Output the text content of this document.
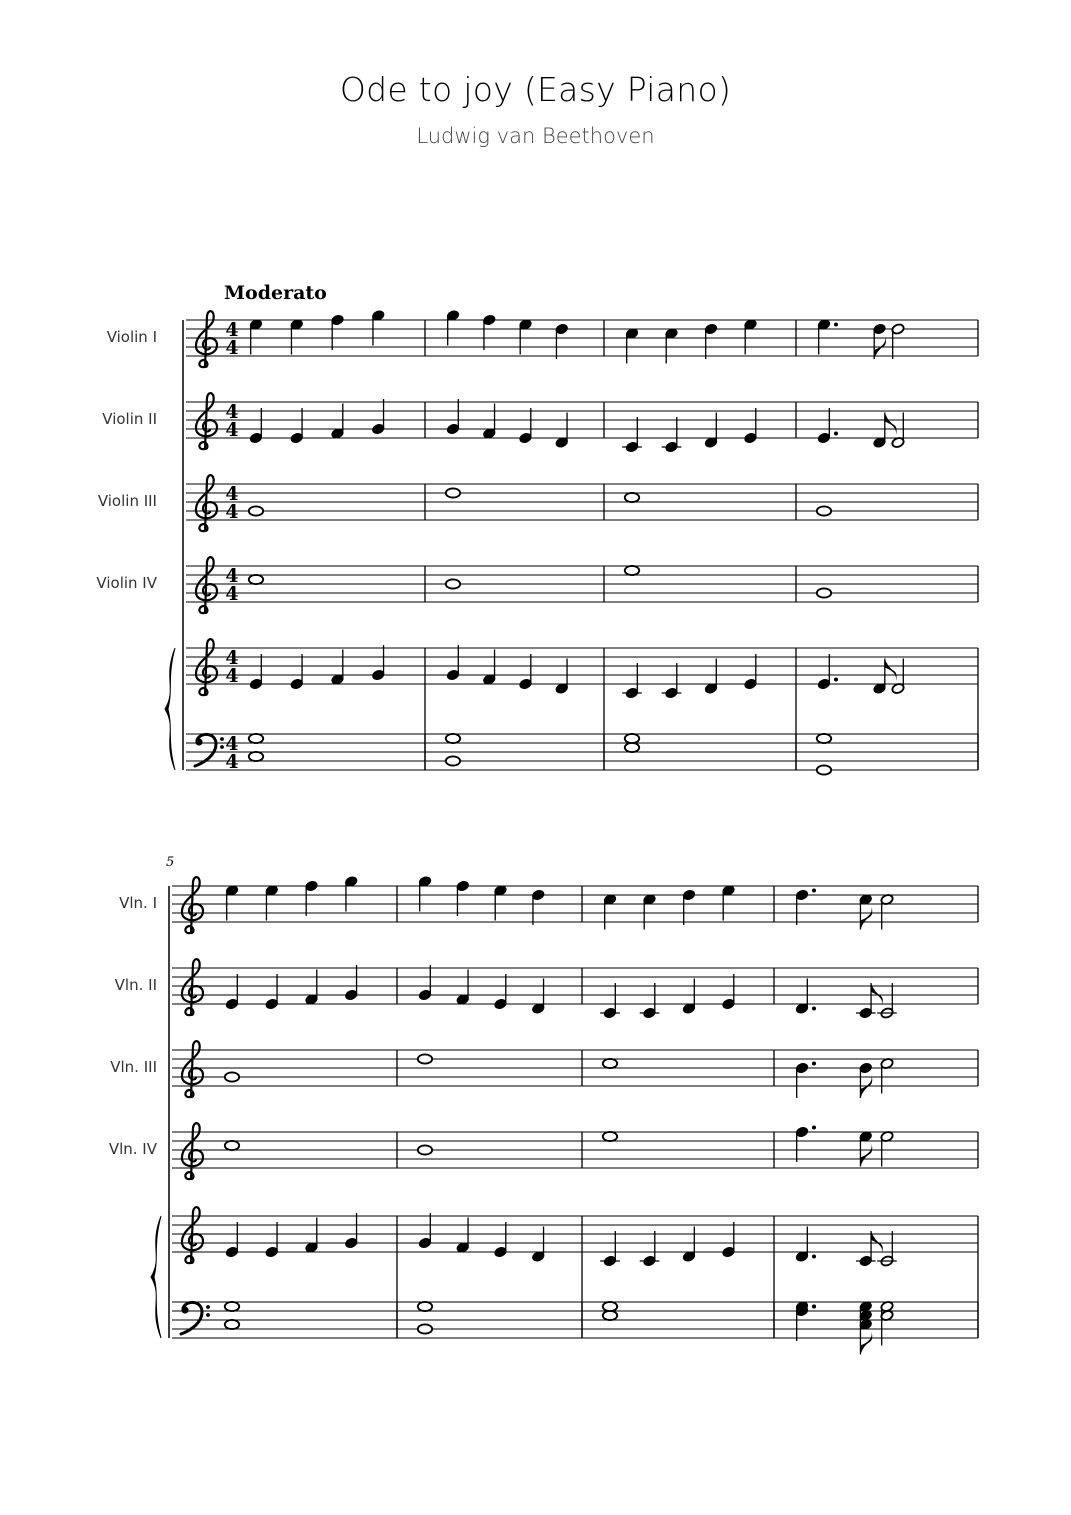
Ode to joy (Easy Piano)
Ludwig van Beethoven
Moderato
Violin I	4
4
Violin II	4
4
Violin III	4
4
Violin IV	4
4
4
4
4
4
5
Vln. I
Vln. II
Vln. III
Vln. IV
